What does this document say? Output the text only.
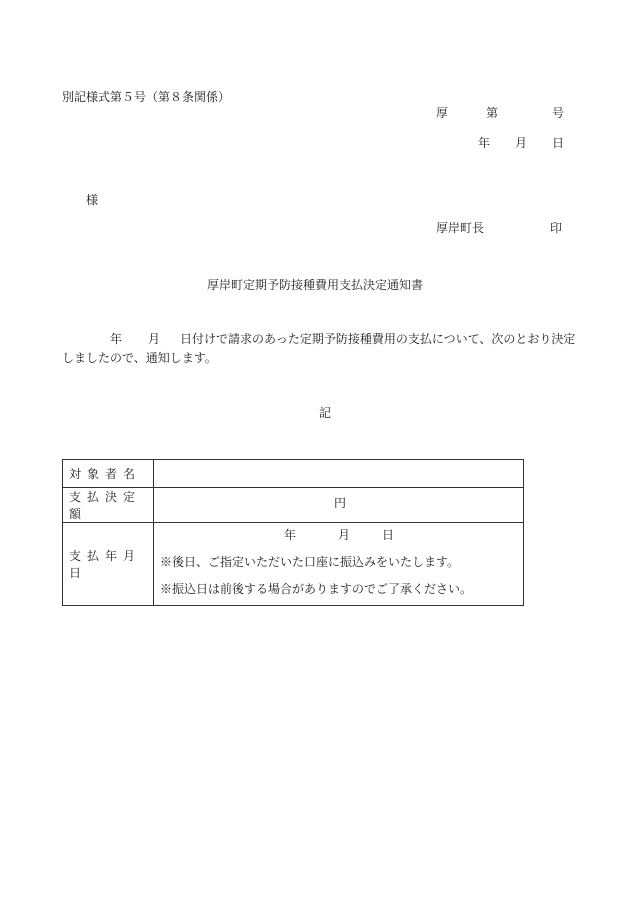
別記様式第５号（第８条関係）
厚	第	号
年 月 日
様
厚岸町長	印
厚岸町定期予防接種費用支払決定通知書
年 月 日付けで請求のあった定期予防接種費用の支払について、次のとおり決定
しましたので、通知します。
記
対象者名	

支払決定額	円

支払年月日	年 月 日
※後日、ご指定いただいた口座に振込みをいたします。
※振込日は前後する場合がありますのでご了承ください。
